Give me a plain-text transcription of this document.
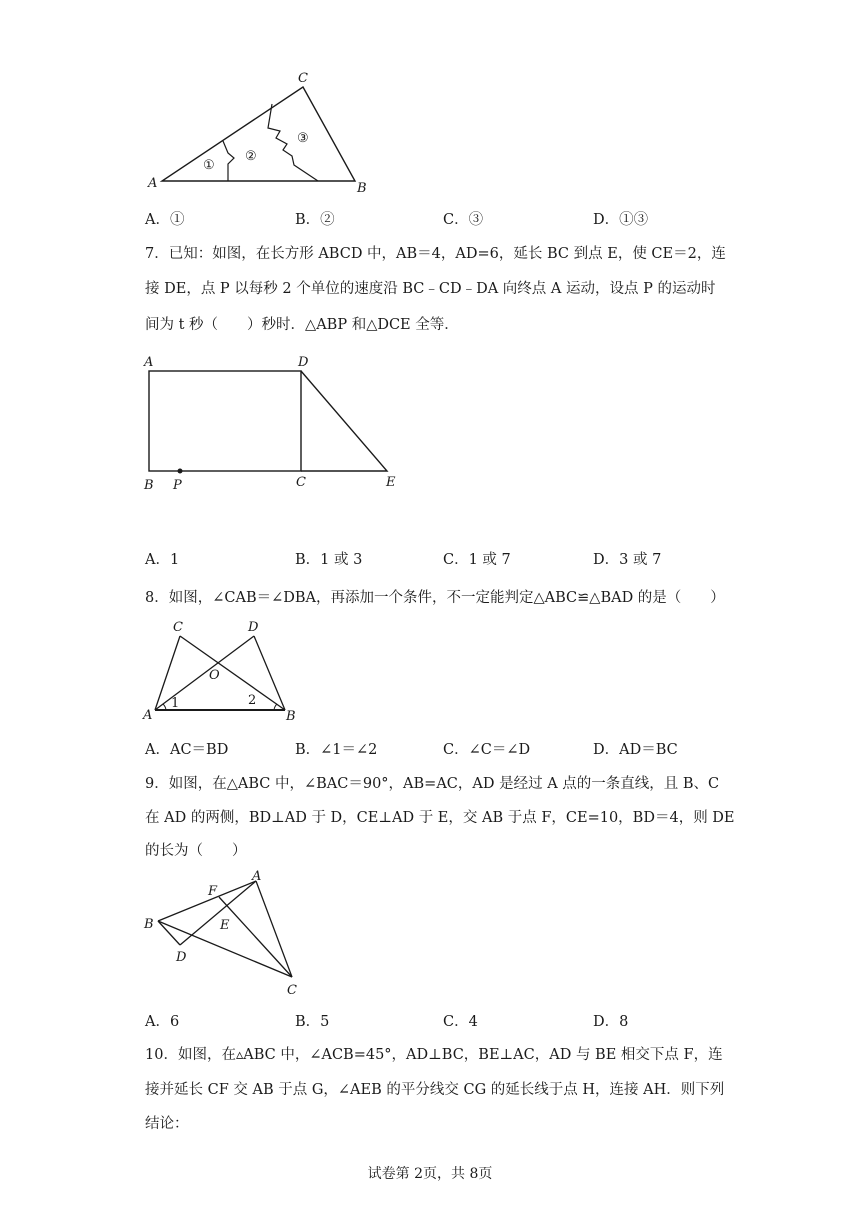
A	B
C
①
②
③
A．①	B．②	C．③	D．①③
7．已知：如图，在长方形 ABCD 中，AB＝4，AD=6，延长 BC 到点 E，使 CE＝2，连
接 DE，点 P 以每秒 2 个单位的速度沿 BC﹣CD﹣DA 向终点 A 运动，设点 P 的运动时
间为 t 秒（　　）秒时．△ABP 和△DCE 全等．
A	D
B P	C	E
A．1	B．1 或 3	C．1 或 7	D．3 或 7
8．如图，∠CAB＝∠DBA，再添加一个条件，不一定能判定△ABC≌△BAD 的是（　　）
C	D
O
1	2
A	B
A．AC＝BD	B．∠1＝∠2	C．∠C＝∠D	D．AD＝BC
9．如图，在△ABC 中，∠BAC＝90°，AB=AC，AD 是经过 A 点的一条直线，且 B、C
在 AD 的两侧，BD⊥AD 于 D，CE⊥AD 于 E，交 AB 于点 F，CE=10，BD＝4，则 DE
的长为（　　）
A
F
B	E
D
C
A．6	B．5	C．4	D．8
10．如图，在▵ABC 中，∠ACB=45°，AD⊥BC，BE⊥AC，AD 与 BE 相交下点 F，连
接并延长 CF 交 AB 于点 G，∠AEB 的平分线交 CG 的延长线于点 H，连接 AH．则下列
结论：
试卷第 2页，共 8页
